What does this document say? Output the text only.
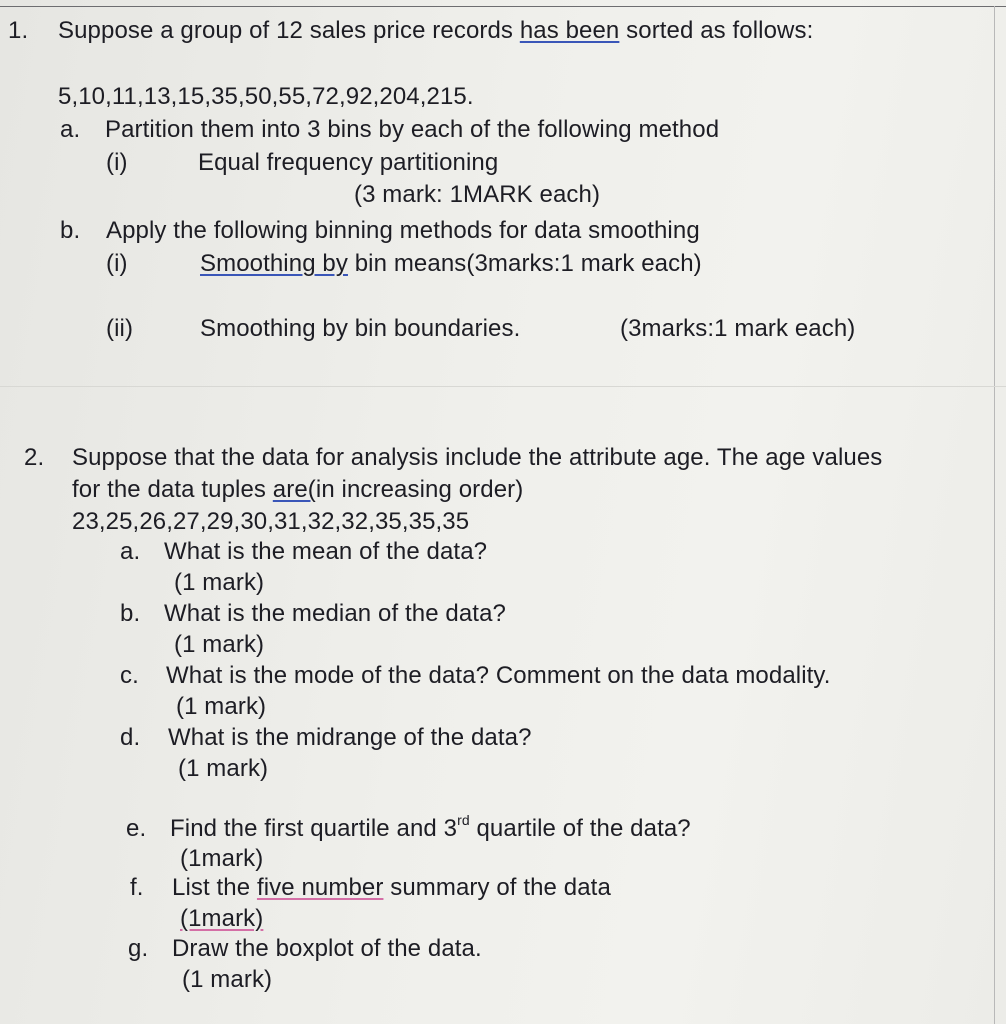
1. Suppose a group of 12 sales price records has been sorted as follows:
5,10,11,13,15,35,50,55,72,92,204,215.
a. Partition them into 3 bins by each of the following method
(i)	Equal frequency partitioning
(3 mark: 1MARK each)
b. Apply the following binning methods for data smoothing
(i)	Smoothing by bin means(3marks:1 mark each)
(ii)	Smoothing by bin boundaries.	(3marks:1 mark each)
2. Suppose that the data for analysis include the attribute age. The age values
for the data tuples are(in increasing order)
23,25,26,27,29,30,31,32,32,35,35,35
a. What is the mean of the data?
(1 mark)
b. What is the median of the data?
(1 mark)
c. What is the mode of the data? Comment on the data modality.
(1 mark)
d. What is the midrange of the data?
(1 mark)
e. Find the first quartile and 3rd quartile of the data?
(1mark)
f. List the five number summary of the data
(1mark)
g. Draw the boxplot of the data.
(1 mark)
